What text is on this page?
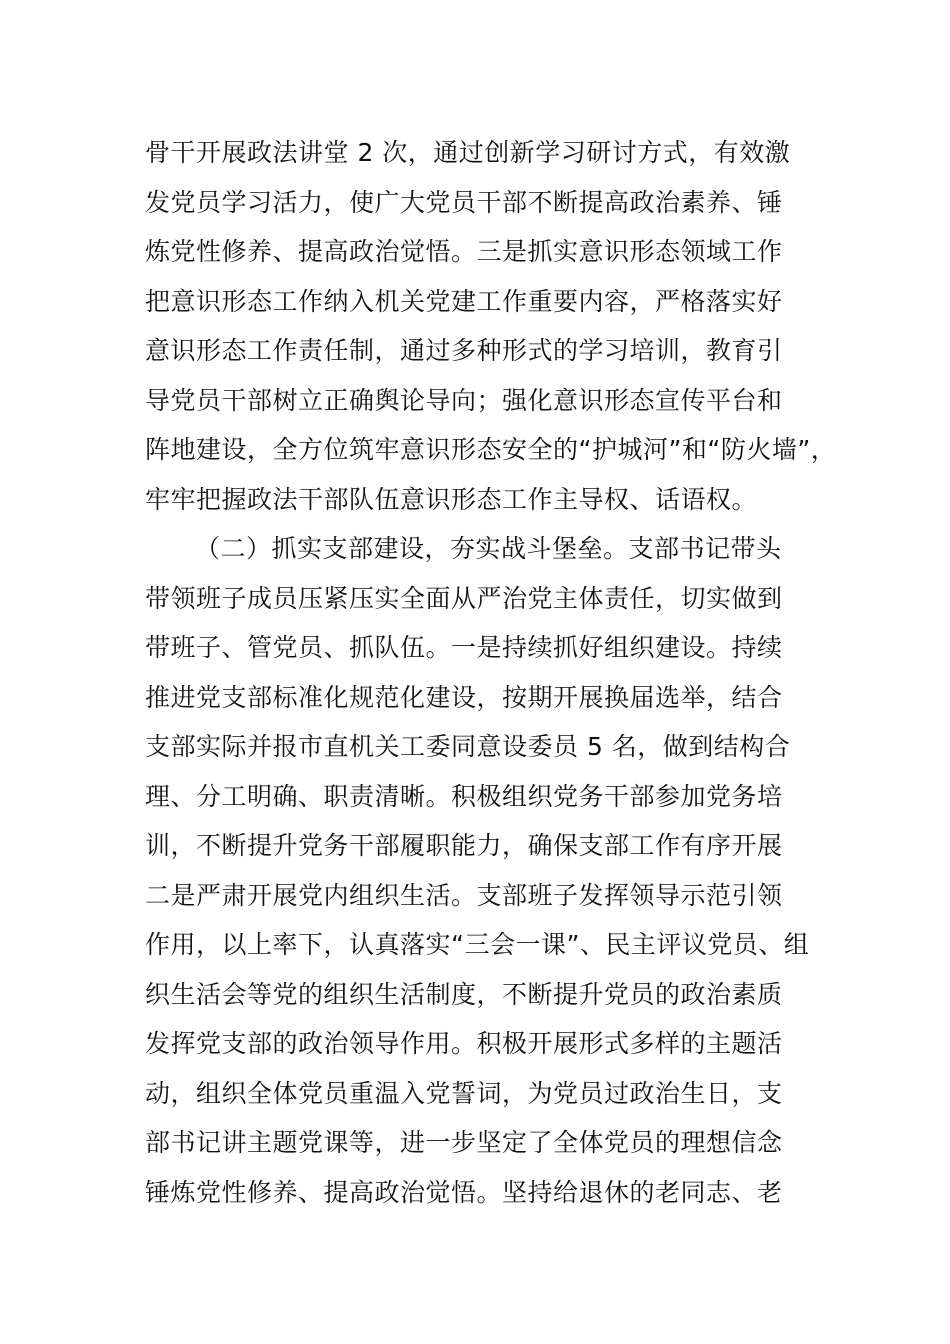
骨干开展政法讲堂 2 次，通过创新学习研讨方式，有效激
发党员学习活力，使广大党员干部不断提高政治素养、锤
炼党性修养、提高政治觉悟。三是抓实意识形态领域工作
把意识形态工作纳入机关党建工作重要内容，严格落实好
意识形态工作责任制，通过多种形式的学习培训，教育引
导党员干部树立正确舆论导向；强化意识形态宣传平台和
阵地建设，全方位筑牢意识形态安全的“护城河”和“防火墙”，
牢牢把握政法干部队伍意识形态工作主导权、话语权。
（二）抓实支部建设，夯实战斗堡垒。支部书记带头
带领班子成员压紧压实全面从严治党主体责任，切实做到
带班子、管党员、抓队伍。一是持续抓好组织建设。持续
推进党支部标准化规范化建设，按期开展换届选举，结合
支部实际并报市直机关工委同意设委员 5 名，做到结构合
理、分工明确、职责清晰。积极组织党务干部参加党务培
训，不断提升党务干部履职能力，确保支部工作有序开展
二是严肃开展党内组织生活。支部班子发挥领导示范引领
作用，以上率下，认真落实“三会一课”、民主评议党员、组
织生活会等党的组织生活制度，不断提升党员的政治素质
发挥党支部的政治领导作用。积极开展形式多样的主题活
动，组织全体党员重温入党誓词，为党员过政治生日，支
部书记讲主题党课等，进一步坚定了全体党员的理想信念
锤炼党性修养、提高政治觉悟。坚持给退休的老同志、老
